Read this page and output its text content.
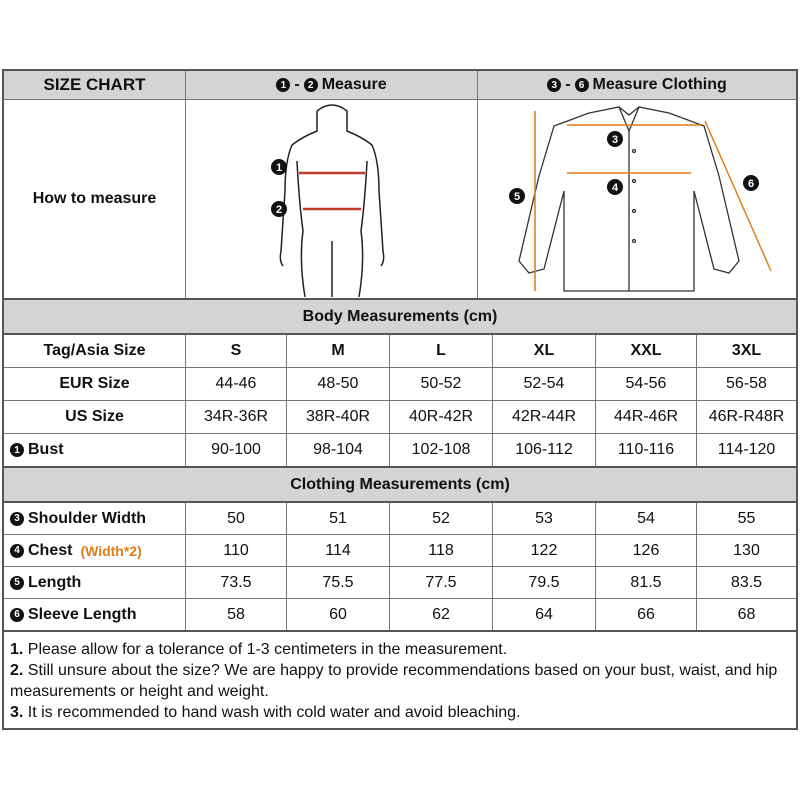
SIZE CHART	1 - 2 Measure	3 - 6 Measure Clothing
How to measure
1
2
3
4
5
6
Body Measurements (cm)
Tag/Asia Size	S	M	L	XL	XXL	3XL
EUR Size	44-46	48-50	50-52	52-54	54-56	56-58
US Size	34R-36R	38R-40R	40R-42R	42R-44R	44R-46R	46R-R48R
1 Bust	90-100	98-104	102-108	106-112	110-116	114-120
Clothing Measurements (cm)
3 Shoulder Width	50	51	52	53	54	55
4 Chest (Width*2)	110	114	118	122	126	130
5 Length	73.5	75.5	77.5	79.5	81.5	83.5
6 Sleeve Length	58	60	62	64	66	68
1. Please allow for a tolerance of 1-3 centimeters in the measurement.
2. Still unsure about the size? We are happy to provide recommendations based on your bust, waist, and hip measurements or height and weight.
3. It is recommended to hand wash with cold water and avoid bleaching.
